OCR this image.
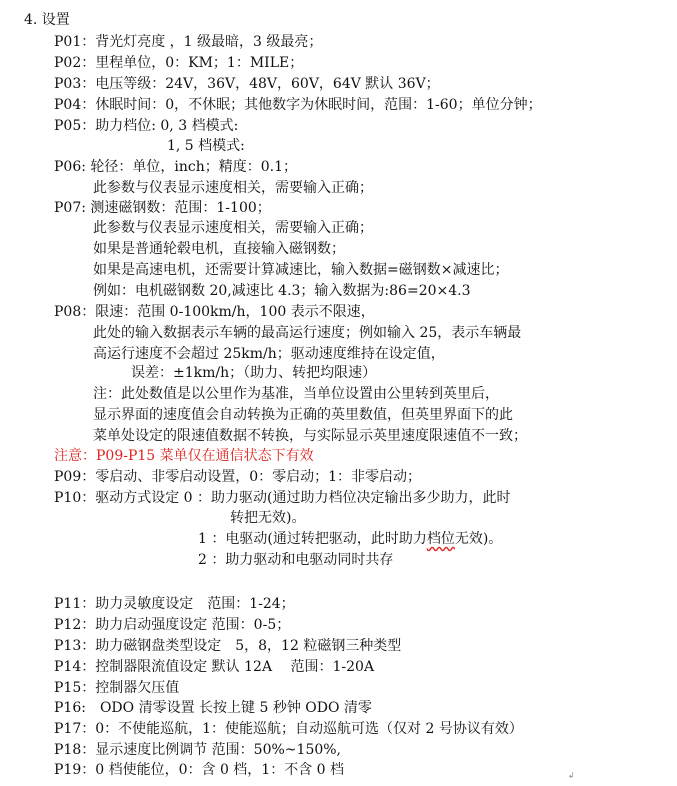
4. 设置
P01：背光灯亮度 ，1 级最暗，3 级最亮；
P02：里程单位，0：KM；1：MILE；
P03：电压等级：24V，36V，48V，60V，64V 默认 36V；
P04：休眠时间：0，不休眠；其他数字为休眠时间，范围：1-60；单位分钟；
P05：助力档位: 0, 3 档模式:
1, 5 档模式:
P06: 轮径：单位，inch；精度：0.1；
此参数与仪表显示速度相关，需要输入正确；
P07: 测速磁钢数：范围：1-100；
此参数与仪表显示速度相关，需要输入正确；
如果是普通轮毂电机，直接输入磁钢数；
如果是高速电机，还需要计算减速比，输入数据=磁钢数×减速比；
例如：电机磁钢数 20,减速比 4.3；输入数据为:86=20×4.3
P08：限速：范围 0-100km/h，100 表示不限速，
此处的输入数据表示车辆的最高运行速度；例如输入 25，表示车辆最
高运行速度不会超过 25km/h；驱动速度维持在设定值，
误差：±1km/h；（助力、转把均限速）
注：此处数值是以公里作为基准，当单位设置由公里转到英里后，
显示界面的速度值会自动转换为正确的英里数值，但英里界面下的此
菜单处设定的限速值数据不转换，与实际显示英里速度限速值不一致；
注意：P09-P15 菜单仅在通信状态下有效
P09：零启动、非零启动设置，0：零启动；1：非零启动；
P10：驱动方式设定 0 ：助力驱动(通过助力档位决定输出多少助力，此时
转把无效)。
1 ：电驱动(通过转把驱动，此时助力档位无效)。
2 ：助力驱动和电驱动同时共存
P11：助力灵敏度设定　范围：1-24；
P12：助力启动强度设定 范围：0-5；
P13：助力磁钢盘类型设定　5，8，12 粒磁钢三种类型
P14：控制器限流值设定 默认 12A　 范围：1-20A
P15：控制器欠压值
P16:　ODO 清零设置 长按上键 5 秒钟 ODO 清零
P17：0：不使能巡航，1：使能巡航；自动巡航可选（仅对 2 号协议有效）
P18：显示速度比例调节 范围：50%~150%,
P19：0 档使能位，0：含 0 档，1：不含 0 档	↲
